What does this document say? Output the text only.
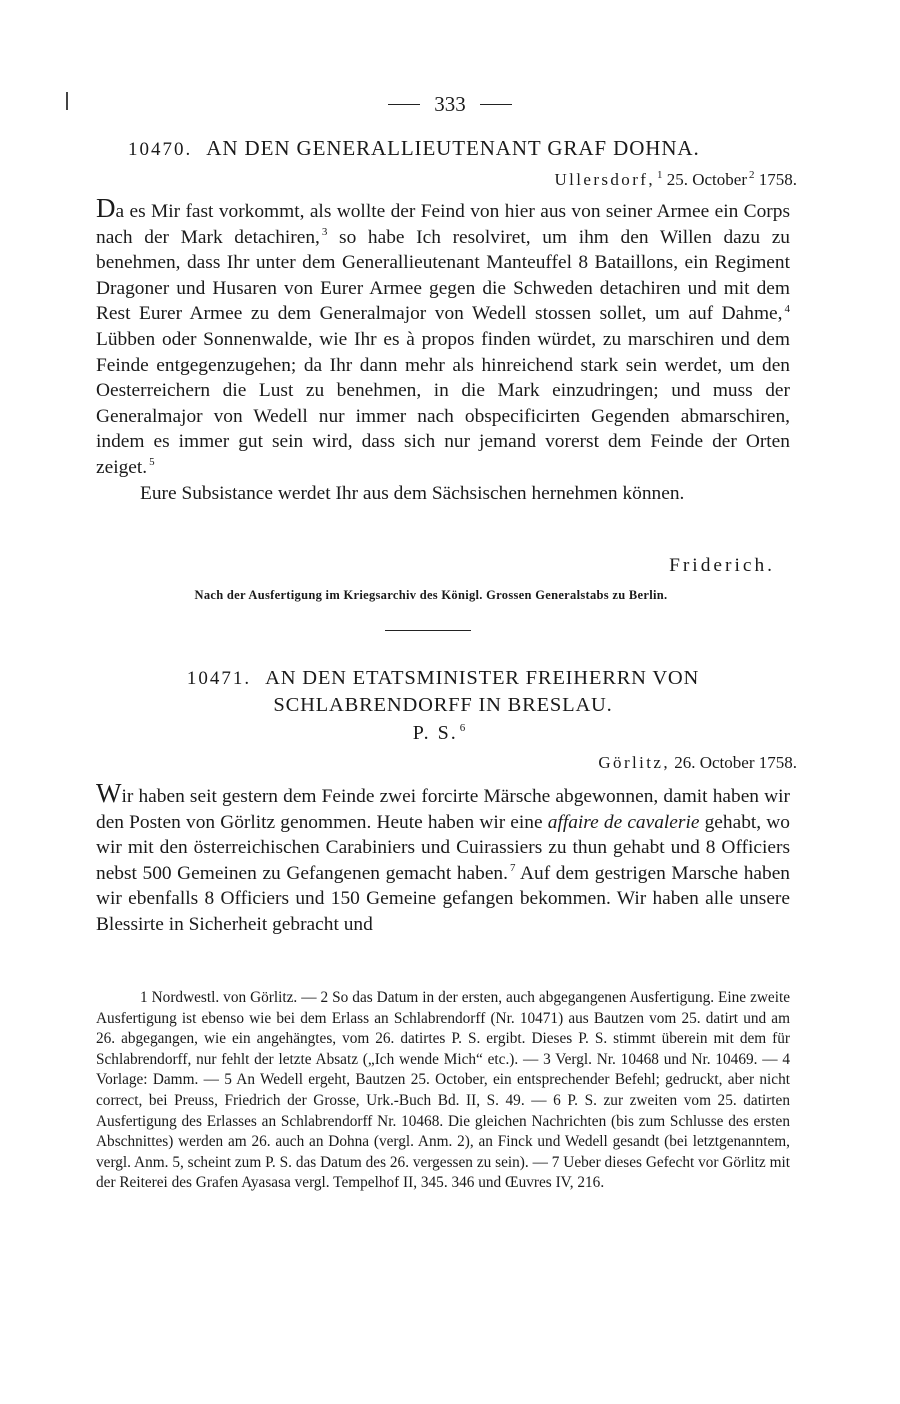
333
10470. AN DEN GENERALLIEUTENANT GRAF DOHNA.
Ullersdorf, $^1$ 25. October $^2$ 1758.

Da es Mir fast vorkommt, als wollte der Feind von hier aus von seiner Armee ein Corps nach der Mark detachiren, $^3$ so habe Ich resolviret, um ihm den Willen dazu zu benehmen, dass Ihr unter dem Generallieutenant Manteuffel 8 Bataillons, ein Regiment Dragoner und Husaren von Eurer Armee gegen die Schweden detachiren und mit dem Rest Eurer Armee zu dem Generalmajor von Wedell stossen sollet, um auf Dahme, $^4$ Lübben oder Sonnenwalde, wie Ihr es à propos finden würdet, zu marschiren und dem Feinde entgegenzugehen; da Ihr dann mehr als hinreichend stark sein werdet, um den Oesterreichern die Lust zu benehmen, in die Mark einzudringen; und muss der Generalmajor von Wedell nur immer nach obspecificirten Gegenden abmarschiren, indem es immer gut sein wird, dass sich nur jemand vorerst dem Feinde der Orten zeiget. $^5$

Eure Subsistance werdet Ihr aus dem Sächsischen hernehmen können.

Friderich.
Nach der Ausfertigung im Kriegsarchiv des Königl. Grossen Generalstabs zu Berlin.
10471. AN DEN ETATSMINISTER FREIHERRN VON
SCHLABRENDORFF IN BRESLAU.
P. S. $^6$
Görlitz, 26. October 1758.

Wir haben seit gestern dem Feinde zwei forcirte Märsche abgewonnen, damit haben wir den Posten von Görlitz genommen. Heute haben wir eine affaire de cavalerie gehabt, wo wir mit den österreichischen Carabiniers und Cuirassiers zu thun gehabt und 8 Officiers nebst 500 Gemeinen zu Gefangenen gemacht haben. $^7$ Auf dem gestrigen Marsche haben wir ebenfalls 8 Officiers und 150 Gemeine gefangen bekommen. Wir haben alle unsere Blessirte in Sicherheit gebracht und

1 Nordwestl. von Görlitz. — 2 So das Datum in der ersten, auch abgegangenen Ausfertigung. Eine zweite Ausfertigung ist ebenso wie bei dem Erlass an Schlabrendorff (Nr. 10471) aus Bautzen vom 25. datirt und am 26. abgegangen, wie ein angehängtes, vom 26. datirtes P. S. ergibt. Dieses P. S. stimmt überein mit dem für Schlabrendorff, nur fehlt der letzte Absatz („Ich wende Mich“ etc.). — 3 Vergl. Nr. 10468 und Nr. 10469. — 4 Vorlage: Damm. — 5 An Wedell ergeht, Bautzen 25. October, ein entsprechender Befehl; gedruckt, aber nicht correct, bei Preuss, Friedrich der Grosse, Urk.-Buch Bd. II, S. 49. — 6 P. S. zur zweiten vom 25. datirten Ausfertigung des Erlasses an Schlabrendorff Nr. 10468. Die gleichen Nachrichten (bis zum Schlusse des ersten Abschnittes) werden am 26. auch an Dohna (vergl. Anm. 2), an Finck und Wedell gesandt (bei letztgenanntem, vergl. Anm. 5, scheint zum P. S. das Datum des 26. vergessen zu sein). — 7 Ueber dieses Gefecht vor Görlitz mit der Reiterei des Grafen Ayasasa vergl. Tempelhof II, 345. 346 und Œuvres IV, 216.
